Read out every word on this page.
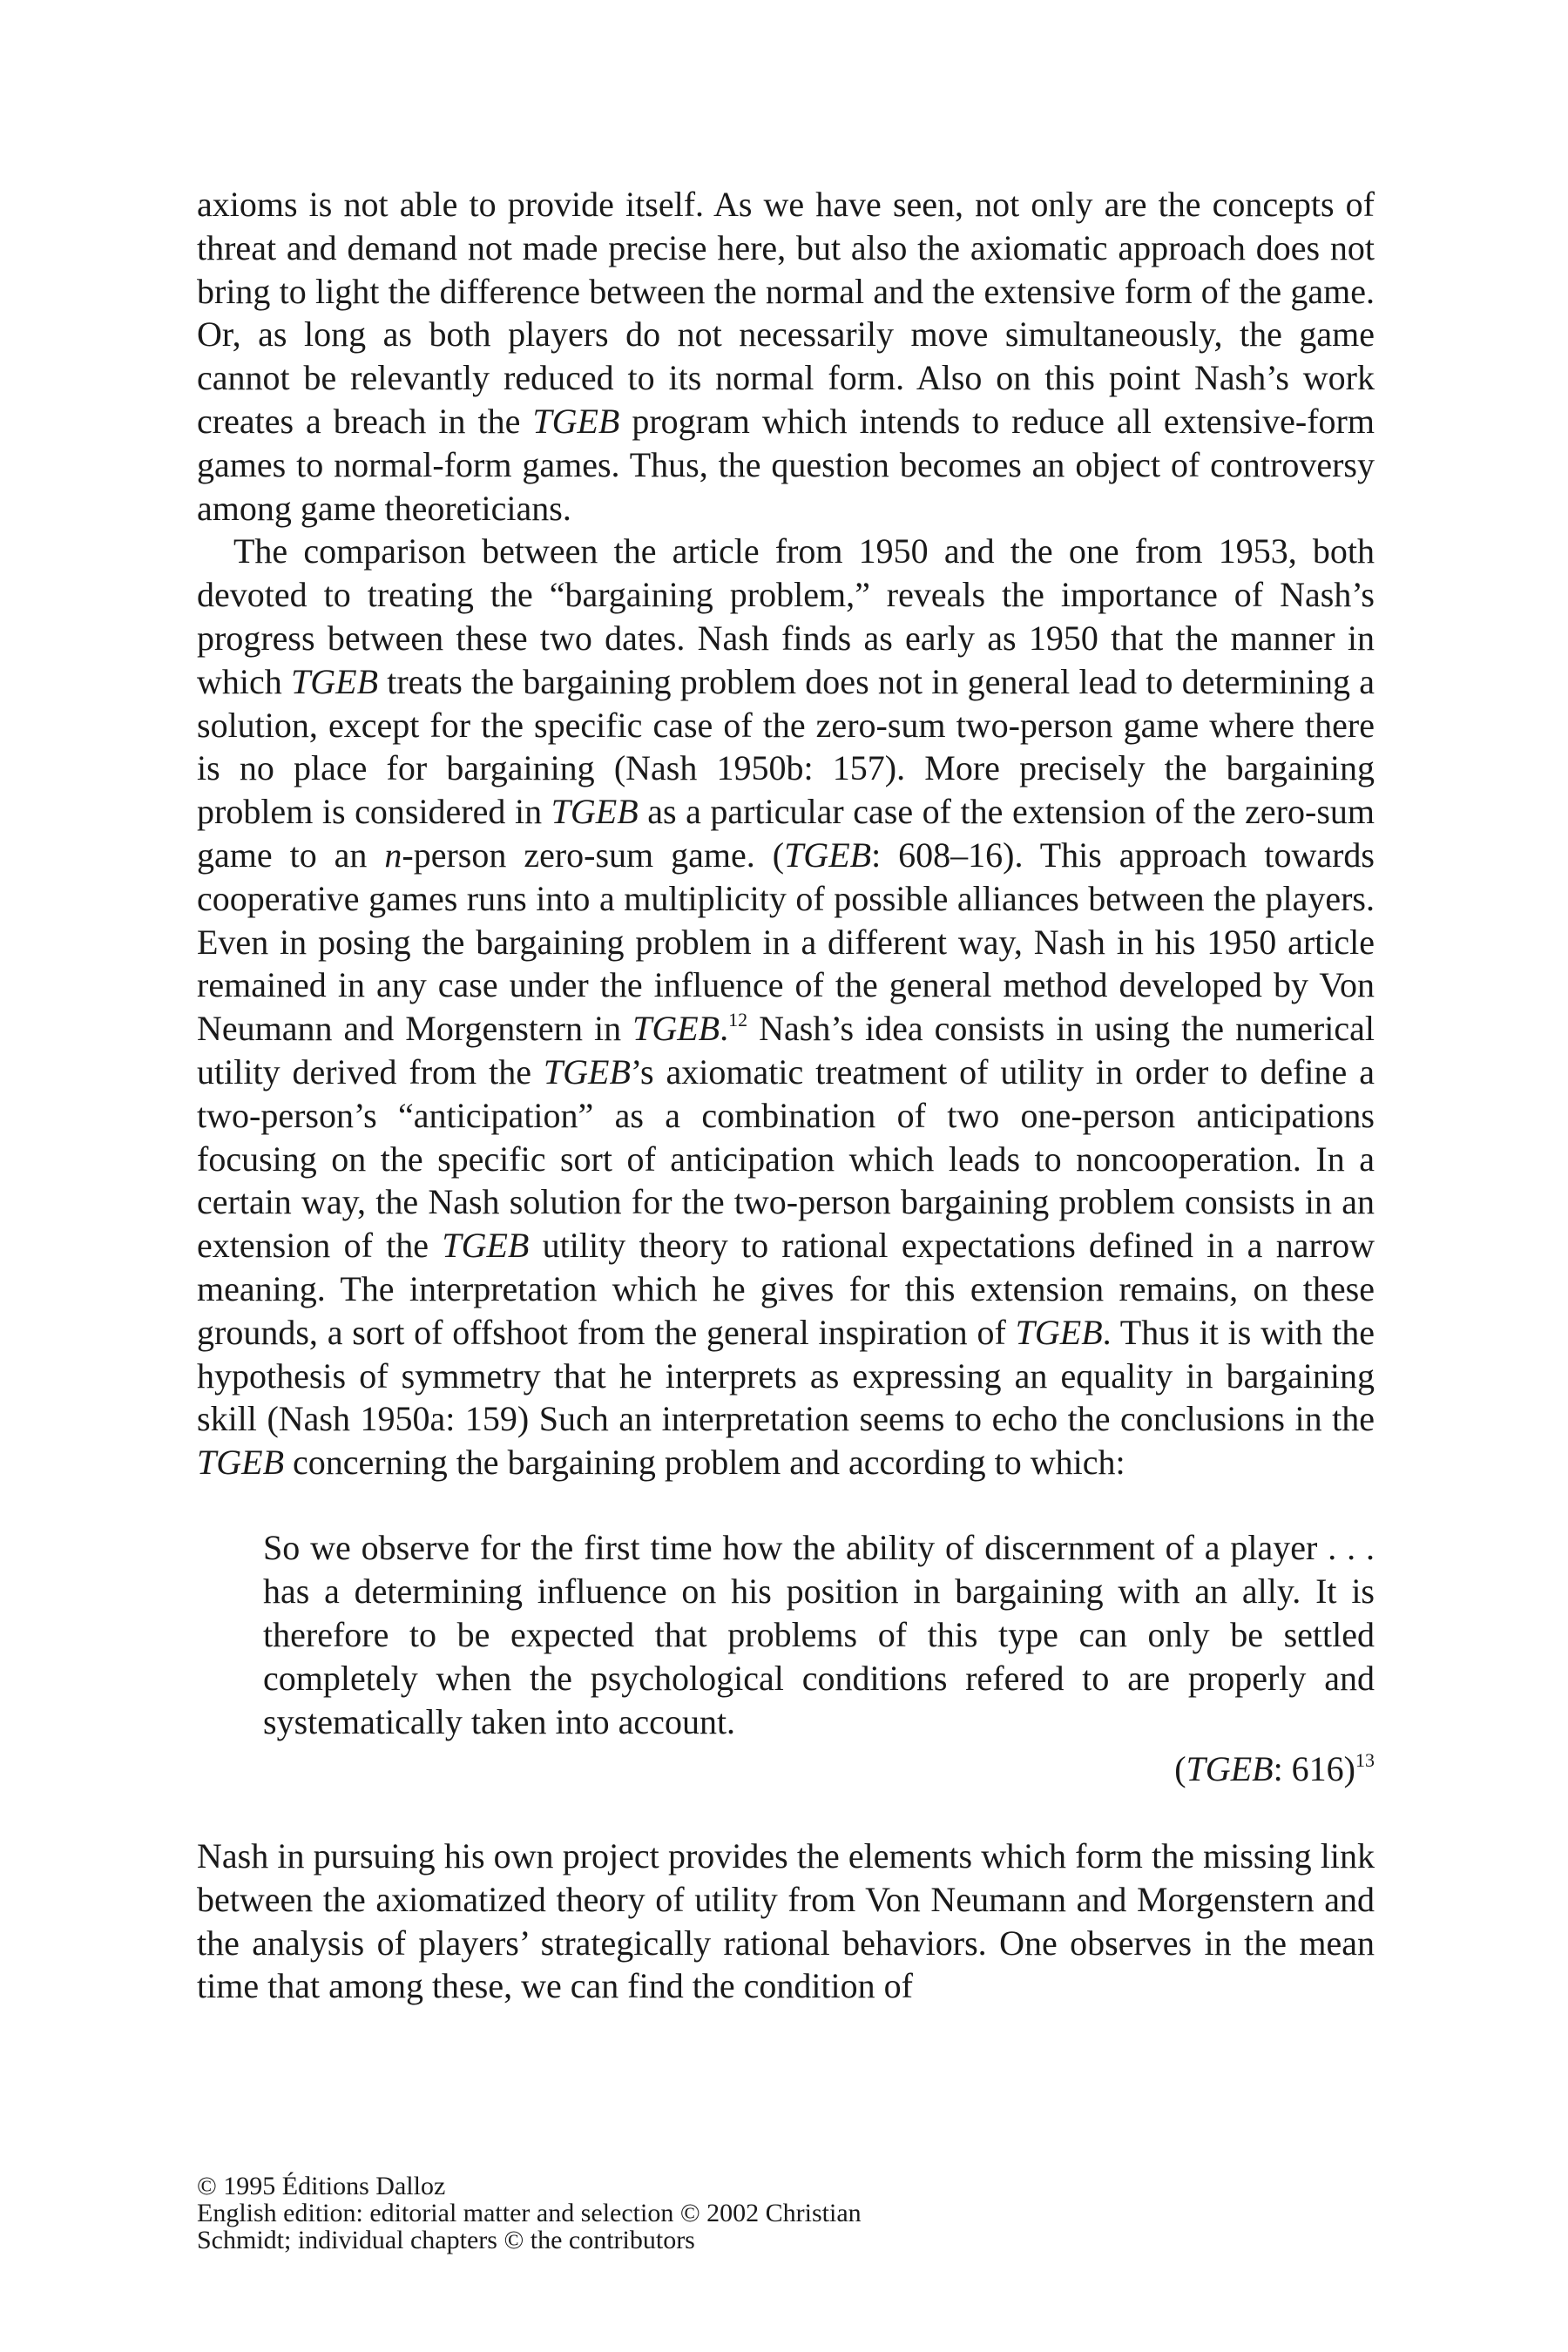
axioms is not able to provide itself. As we have seen, not only are the concepts of threat and demand not made precise here, but also the axiomatic approach does not bring to light the difference between the normal and the extensive form of the game. Or, as long as both players do not necessarily move simultaneously, the game cannot be relevantly reduced to its normal form. Also on this point Nash’s work creates a breach in the TGEB program which intends to reduce all extensive-form games to normal-form games. Thus, the question becomes an object of controversy among game theoreticians.

The comparison between the article from 1950 and the one from 1953, both devoted to treating the “bargaining problem,” reveals the importance of Nash’s progress between these two dates. Nash finds as early as 1950 that the manner in which TGEB treats the bargaining problem does not in general lead to determining a solution, except for the specific case of the zero-sum two-person game where there is no place for bargaining (Nash 1950b: 157). More precisely the bargaining problem is considered in TGEB as a particular case of the extension of the zero-sum game to an n-person zero-sum game. (TGEB: 608–16). This approach towards cooperative games runs into a multiplicity of possible alliances between the players. Even in posing the bargaining problem in a different way, Nash in his 1950 article remained in any case under the influence of the general method developed by Von Neumann and Morgenstern in TGEB.$^{12}$ Nash’s idea consists in using the numerical utility derived from the TGEB’s axiomatic treatment of utility in order to define a two-person’s “anticipation” as a combination of two one-person anticipations focusing on the specific sort of anticipation which leads to noncooperation. In a certain way, the Nash solution for the two-person bargaining problem consists in an extension of the TGEB utility theory to rational expectations defined in a narrow meaning. The interpretation which he gives for this extension remains, on these grounds, a sort of offshoot from the general inspiration of TGEB. Thus it is with the hypothesis of symmetry that he interprets as expressing an equality in bargaining skill (Nash 1950a: 159) Such an interpretation seems to echo the conclusions in the TGEB concerning the bargaining problem and according to which:

So we observe for the first time how the ability of discernment of a player . . . has a determining influence on his position in bargaining with an ally. It is therefore to be expected that problems of this type can only be settled completely when the psychological conditions refered to are properly and systematically taken into account.
(TGEB: 616)$^{13}$

Nash in pursuing his own project provides the elements which form the missing link between the axiomatized theory of utility from Von Neumann and Morgenstern and the analysis of players’ strategically rational behaviors. One observes in the mean time that among these, we can find the condition of

© 1995 Éditions Dalloz
English edition: editorial matter and selection © 2002 Christian
Schmidt; individual chapters © the contributors
